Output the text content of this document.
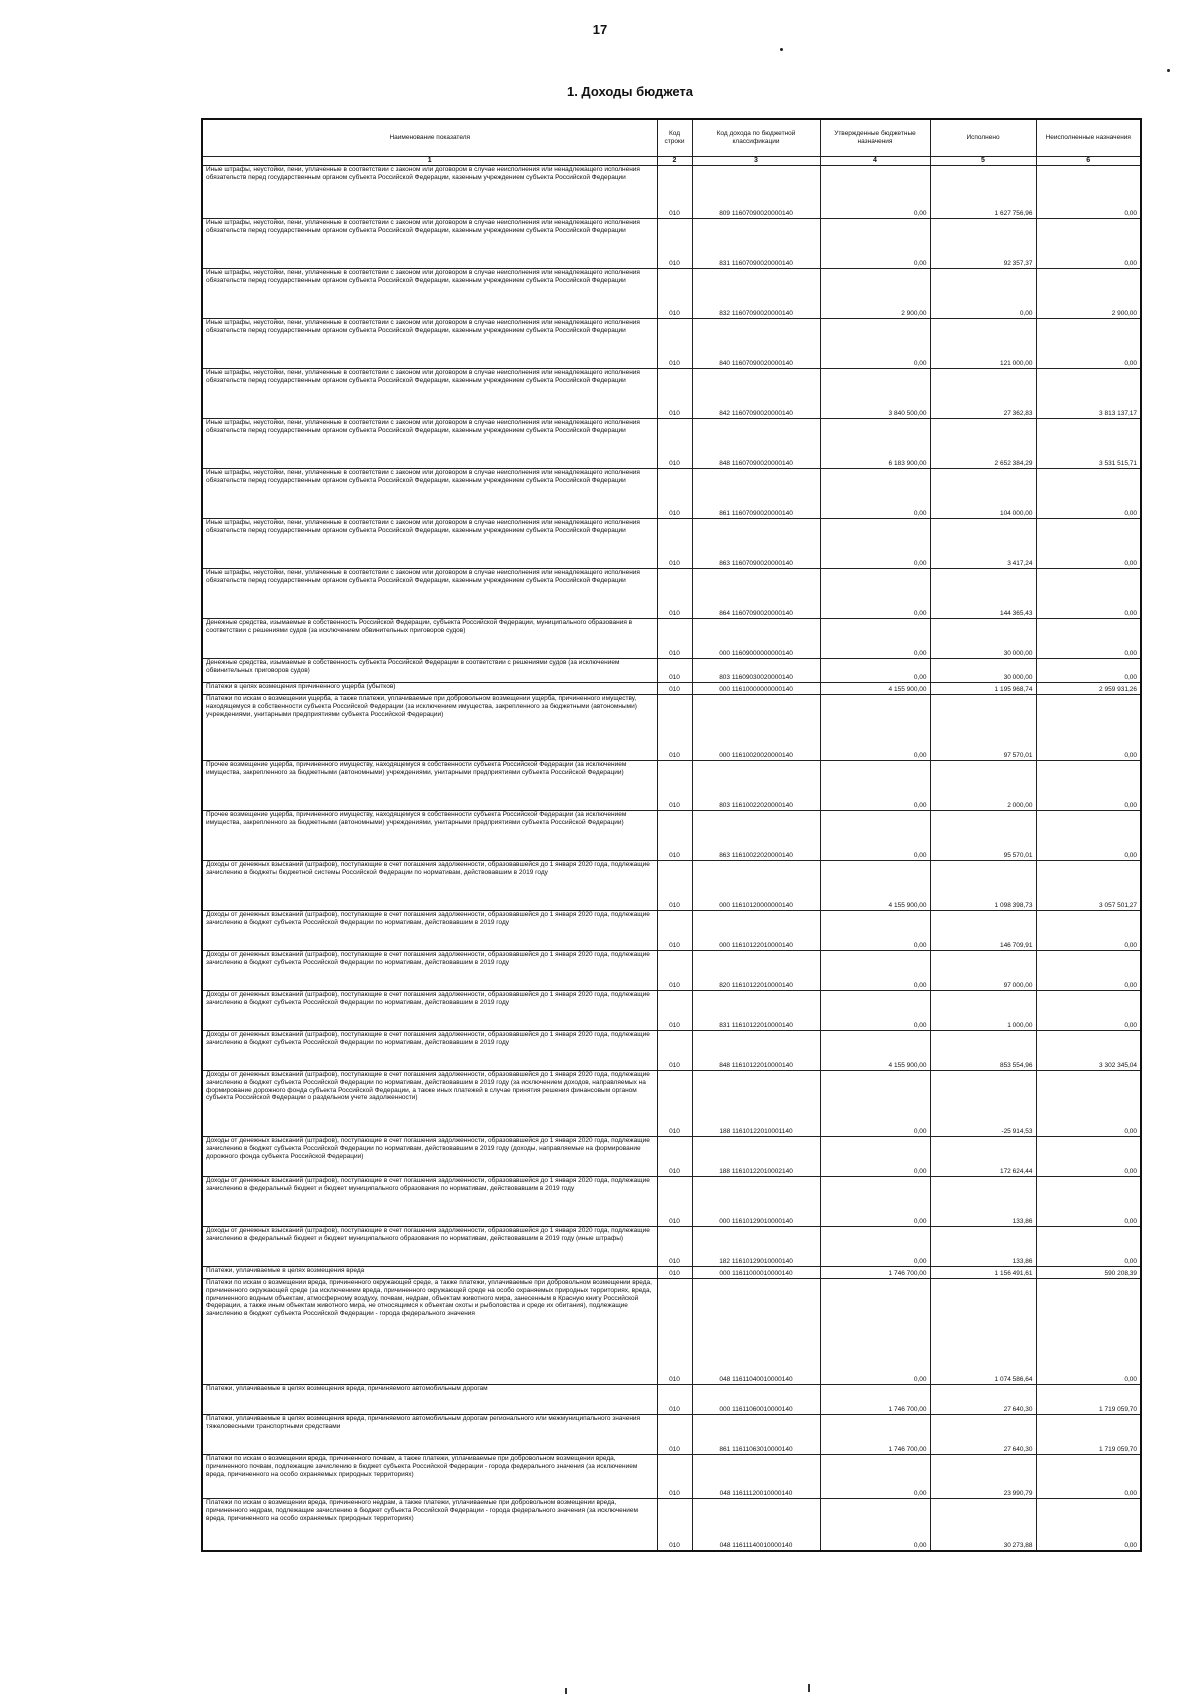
17
1. Доходы бюджета
Наименование показателя	Код строки	Код дохода по бюджетной классификации	Утвержденные бюджетные назначения	Исполнено	Неисполненные назначения
1	2	3	4	5	6
Иные штрафы, неустойки, пени, уплаченные в соответствии с законом или договором в случае неисполнения или ненадлежащего исполнения обязательств перед государственным органом субъекта Российской Федерации, казенным учреждением субъекта Российской Федерации	010	809 11607090020000140	0,00	1 627 756,96	0,00
Иные штрафы, неустойки, пени, уплаченные в соответствии с законом или договором в случае неисполнения или ненадлежащего исполнения обязательств перед государственным органом субъекта Российской Федерации, казенным учреждением субъекта Российской Федерации	010	831 11607090020000140	0,00	92 357,37	0,00
Иные штрафы, неустойки, пени, уплаченные в соответствии с законом или договором в случае неисполнения или ненадлежащего исполнения обязательств перед государственным органом субъекта Российской Федерации, казенным учреждением субъекта Российской Федерации	010	832 11607090020000140	2 900,00	0,00	2 900,00
Иные штрафы, неустойки, пени, уплаченные в соответствии с законом или договором в случае неисполнения или ненадлежащего исполнения обязательств перед государственным органом субъекта Российской Федерации, казенным учреждением субъекта Российской Федерации	010	840 11607090020000140	0,00	121 000,00	0,00
Иные штрафы, неустойки, пени, уплаченные в соответствии с законом или договором в случае неисполнения или ненадлежащего исполнения обязательств перед государственным органом субъекта Российской Федерации, казенным учреждением субъекта Российской Федерации	010	842 11607090020000140	3 840 500,00	27 362,83	3 813 137,17
Иные штрафы, неустойки, пени, уплаченные в соответствии с законом или договором в случае неисполнения или ненадлежащего исполнения обязательств перед государственным органом субъекта Российской Федерации, казенным учреждением субъекта Российской Федерации	010	848 11607090020000140	6 183 900,00	2 652 384,29	3 531 515,71
Иные штрафы, неустойки, пени, уплаченные в соответствии с законом или договором в случае неисполнения или ненадлежащего исполнения обязательств перед государственным органом субъекта Российской Федерации, казенным учреждением субъекта Российской Федерации	010	861 11607090020000140	0,00	104 000,00	0,00
Иные штрафы, неустойки, пени, уплаченные в соответствии с законом или договором в случае неисполнения или ненадлежащего исполнения обязательств перед государственным органом субъекта Российской Федерации, казенным учреждением субъекта Российской Федерации	010	863 11607090020000140	0,00	3 417,24	0,00
Иные штрафы, неустойки, пени, уплаченные в соответствии с законом или договором в случае неисполнения или ненадлежащего исполнения обязательств перед государственным органом субъекта Российской Федерации, казенным учреждением субъекта Российской Федерации	010	864 11607090020000140	0,00	144 365,43	0,00
Денежные средства, изымаемые в собственность Российской Федерации, субъекта Российской Федерации, муниципального образования в соответствии с решениями судов (за исключением обвинительных приговоров судов)	010	000 11609000000000140	0,00	30 000,00	0,00
Денежные средства, изымаемые в собственность субъекта Российской Федерации в соответствии с решениями судов (за исключением обвинительных приговоров судов)	010	803 11609030020000140	0,00	30 000,00	0,00
Платежи в целях возмещения причиненного ущерба (убытков)	010	000 11610000000000140	4 155 900,00	1 195 968,74	2 959 931,26
Платежи по искам о возмещении ущерба, а также платежи, уплачиваемые при добровольном возмещении ущерба, причиненного имуществу, находящемуся в собственности субъекта Российской Федерации (за исключением имущества, закрепленного за бюджетными (автономными) учреждениями, унитарными предприятиями субъекта Российской Федерации)	010	000 11610020020000140	0,00	97 570,01	0,00
Прочее возмещение ущерба, причиненного имуществу, находящемуся в собственности субъекта Российской Федерации (за исключением имущества, закрепленного за бюджетными (автономными) учреждениями, унитарными предприятиями субъекта Российской Федерации)	010	803 11610022020000140	0,00	2 000,00	0,00
Прочее возмещение ущерба, причиненного имуществу, находящемуся в собственности субъекта Российской Федерации (за исключением имущества, закрепленного за бюджетными (автономными) учреждениями, унитарными предприятиями субъекта Российской Федерации)	010	863 11610022020000140	0,00	95 570,01	0,00
Доходы от денежных взысканий (штрафов), поступающие в счет погашения задолженности, образовавшейся до 1 января 2020 года, подлежащие зачислению в бюджеты бюджетной системы Российской Федерации по нормативам, действовавшим в 2019 году	010	000 11610120000000140	4 155 900,00	1 098 398,73	3 057 501,27
Доходы от денежных взысканий (штрафов), поступающие в счет погашения задолженности, образовавшейся до 1 января 2020 года, подлежащие зачислению в бюджет субъекта Российской Федерации по нормативам, действовавшим в 2019 году	010	000 11610122010000140	0,00	146 709,91	0,00
Доходы от денежных взысканий (штрафов), поступающие в счет погашения задолженности, образовавшейся до 1 января 2020 года, подлежащие зачислению в бюджет субъекта Российской Федерации по нормативам, действовавшим в 2019 году	010	820 11610122010000140	0,00	97 000,00	0,00
Доходы от денежных взысканий (штрафов), поступающие в счет погашения задолженности, образовавшейся до 1 января 2020 года, подлежащие зачислению в бюджет субъекта Российской Федерации по нормативам, действовавшим в 2019 году	010	831 11610122010000140	0,00	1 000,00	0,00
Доходы от денежных взысканий (штрафов), поступающие в счет погашения задолженности, образовавшейся до 1 января 2020 года, подлежащие зачислению в бюджет субъекта Российской Федерации по нормативам, действовавшим в 2019 году	010	848 11610122010000140	4 155 900,00	853 554,96	3 302 345,04
Доходы от денежных взысканий (штрафов), поступающие в счет погашения задолженности, образовавшейся до 1 января 2020 года, подлежащие зачислению в бюджет субъекта Российской Федерации по нормативам, действовавшим в 2019 году (за исключением доходов, направляемых на формирование дорожного фонда субъекта Российской Федерации, а также иных платежей в случае принятия решения финансовым органом субъекта Российской Федерации о раздельном учете задолженности)	010	188 11610122010001140	0,00	-25 914,53	0,00
Доходы от денежных взысканий (штрафов), поступающие в счет погашения задолженности, образовавшейся до 1 января 2020 года, подлежащие зачислению в бюджет субъекта Российской Федерации по нормативам, действовавшим в 2019 году (доходы, направляемые на формирование дорожного фонда субъекта Российской Федерации)	010	188 11610122010002140	0,00	172 624,44	0,00
Доходы от денежных взысканий (штрафов), поступающие в счет погашения задолженности, образовавшейся до 1 января 2020 года, подлежащие зачислению в федеральный бюджет и бюджет муниципального образования по нормативам, действовавшим в 2019 году	010	000 11610129010000140	0,00	133,86	0,00
Доходы от денежных взысканий (штрафов), поступающие в счет погашения задолженности, образовавшейся до 1 января 2020 года, подлежащие зачислению в федеральный бюджет и бюджет муниципального образования по нормативам, действовавшим в 2019 году (иные штрафы)	010	182 11610129010000140	0,00	133,86	0,00
Платежи, уплачиваемые в целях возмещения вреда	010	000 11611000010000140	1 746 700,00	1 156 491,61	590 208,39
Платежи по искам о возмещении вреда, причиненного окружающей среде, а также платежи, уплачиваемые при добровольном возмещении вреда, причиненного окружающей среде (за исключением вреда, причиненного окружающей среде на особо охраняемых природных территориях, вреда, причиненного водным объектам, атмосферному воздуху, почвам, недрам, объектам животного мира, занесенным в Красную книгу Российской Федерации, а также иным объектам животного мира, не относящимся к объектам охоты и рыболовства и среде их обитания), подлежащие зачислению в бюджет субъекта Российской Федерации - города федерального значения	010	048 11611040010000140	0,00	1 074 586,64	0,00
Платежи, уплачиваемые в целях возмещения вреда, причиняемого автомобильным дорогам	010	000 11611060010000140	1 746 700,00	27 640,30	1 719 059,70
Платежи, уплачиваемые в целях возмещения вреда, причиняемого автомобильным дорогам регионального или межмуниципального значения тяжеловесными транспортными средствами	010	861 11611063010000140	1 746 700,00	27 640,30	1 719 059,70
Платежи по искам о возмещении вреда, причиненного почвам, а также платежи, уплачиваемые при добровольном возмещении вреда, причиненного почвам, подлежащие зачислению в бюджет субъекта Российской Федерации - города федерального значения (за исключением вреда, причиненного на особо охраняемых природных территориях)	010	048 11611120010000140	0,00	23 990,79	0,00
Платежи по искам о возмещении вреда, причиненного недрам, а также платежи, уплачиваемые при добровольном возмещении вреда, причиненного недрам, подлежащие зачислению в бюджет субъекта Российской Федерации - города федерального значения (за исключением вреда, причиненного на особо охраняемых природных территориях)	010	048 11611140010000140	0,00	30 273,88	0,00
